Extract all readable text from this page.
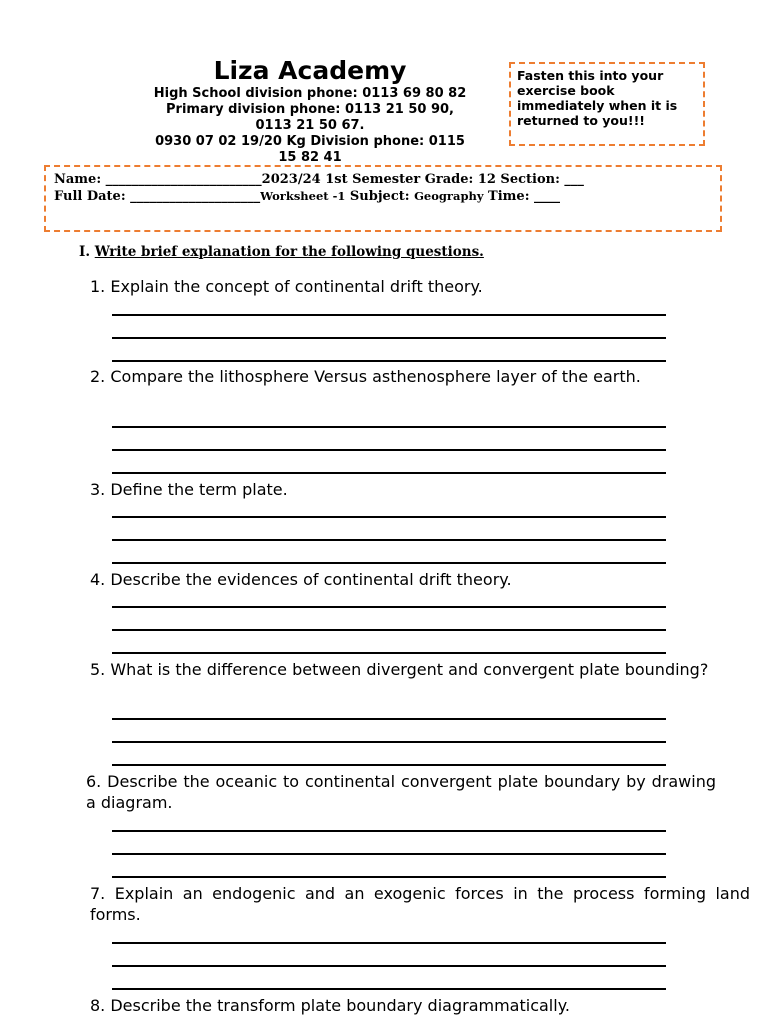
Liza Academy
High School division phone: 0113 69 80 82
Primary division phone: 0113 21 50 90,
0113 21 50 67.
0930 07 02 19/20 Kg Division phone: 0115
15 82 41
Fasten this into your exercise book immediately when it is returned to you!!!
Name: ________________________2023/24 1st Semester Grade: 12 Section: ___
Full Date: ____________________Worksheet -1 Subject: Geography Time: ____
I. Write brief explanation for the following questions.
1. Explain the concept of continental drift theory.
2. Compare the lithosphere Versus asthenosphere layer of the earth.
3. Define the term plate.
4. Describe the evidences of continental drift theory.
5. What is the difference between divergent and convergent plate bounding?
6. Describe the oceanic to continental convergent plate boundary by drawing          a diagram.
7. Explain an endogenic and an exogenic forces in the process forming land forms.
8. Describe the transform plate boundary diagrammatically.
